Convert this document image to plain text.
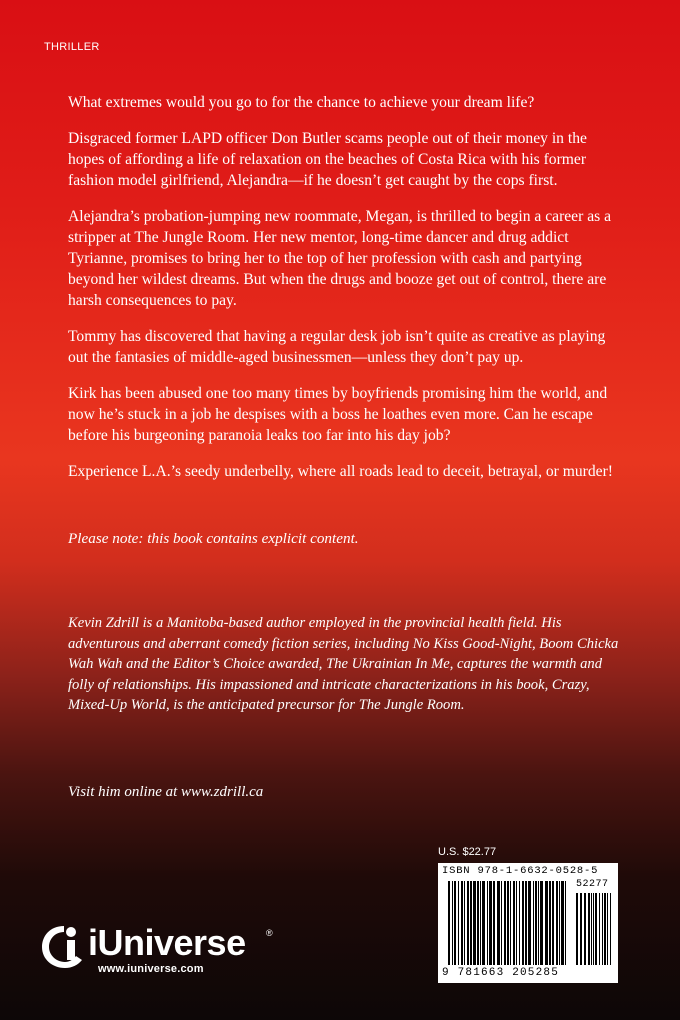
THRILLER

What extremes would you go to for the chance to achieve your dream life?

Disgraced former LAPD officer Don Butler scams people out of their money in the hopes of affording a life of relaxation on the beaches of Costa Rica with his former fashion model girlfriend, Alejandra—if he doesn’t get caught by the cops first.

Alejandra’s probation-jumping new roommate, Megan, is thrilled to begin a career as a stripper at The Jungle Room. Her new mentor, long-time dancer and drug addict Tyrianne, promises to bring her to the top of her profession with cash and partying beyond her wildest dreams. But when the drugs and booze get out of control, there are harsh consequences to pay.

Tommy has discovered that having a regular desk job isn’t quite as creative as playing out the fantasies of middle-aged businessmen—unless they don’t pay up.

Kirk has been abused one too many times by boyfriends promising him the world, and now he’s stuck in a job he despises with a boss he loathes even more. Can he escape before his burgeoning paranoia leaks too far into his day job?

Experience L.A.’s seedy underbelly, where all roads lead to deceit, betrayal, or murder!

Please note: this book contains explicit content.
Kevin Zdrill is a Manitoba-based author employed in the provincial health field. His adventurous and aberrant comedy fiction series, including No Kiss Good-Night, Boom Chicka Wah Wah and the Editor’s Choice awarded, The Ukrainian In Me, captures the warmth and folly of relationships. His impassioned and intricate characterizations in his book, Crazy, Mixed-Up World, is the anticipated precursor for The Jungle Room.
Visit him online at www.zdrill.ca
U.S. $22.77
ISBN 978-1-6632-0528-5
52277
9 781663 205285
iUniverse ®
www.iuniverse.com
